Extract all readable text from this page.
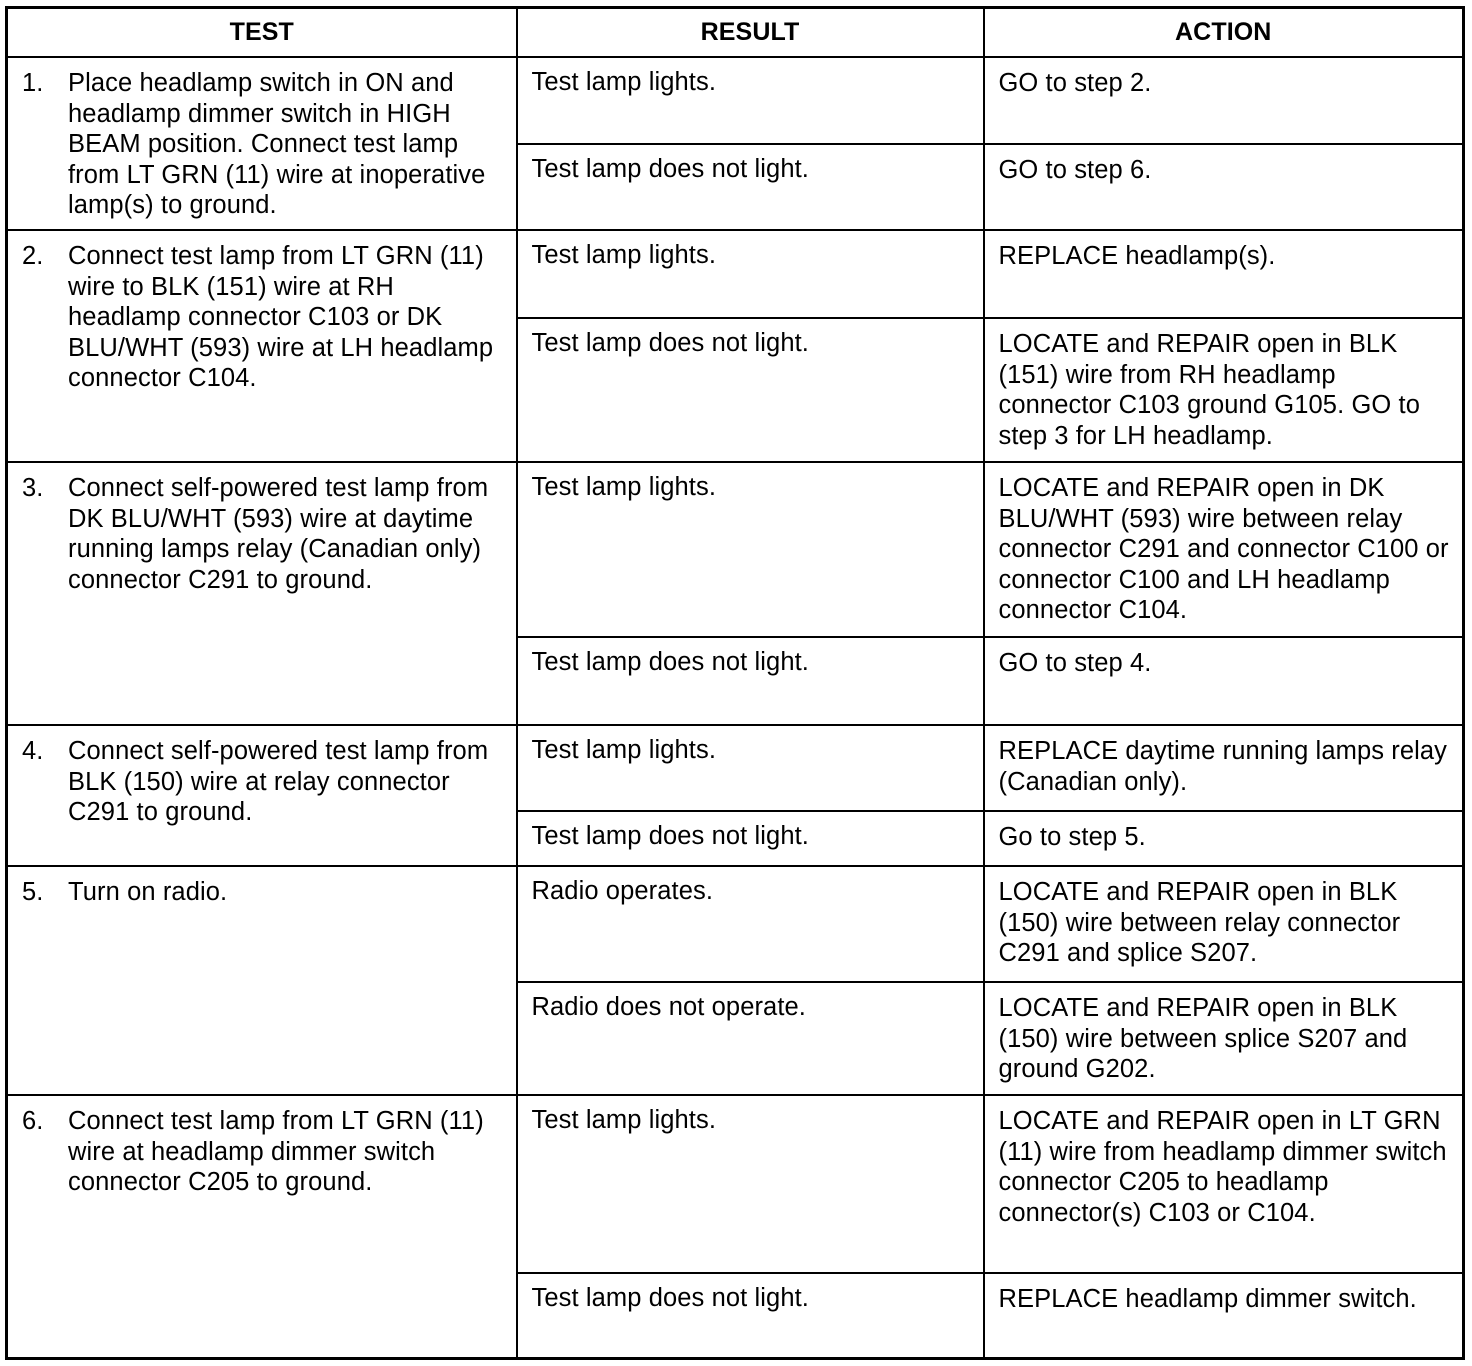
TEST	RESULT	ACTION

1. Place headlamp switch in ON and headlamp dimmer switch in HIGH BEAM position. Connect test lamp from LT GRN (11) wire at inoperative lamp(s) to ground.	Test lamp lights.	GO to step 2.
	Test lamp does not light.	GO to step 6.

2. Connect test lamp from LT GRN (11) wire to BLK (151) wire at RH headlamp connector C103 or DK BLU/WHT (593) wire at LH headlamp connector C104.	Test lamp lights.	REPLACE headlamp(s).
	Test lamp does not light.	LOCATE and REPAIR open in BLK (151) wire from RH headlamp connector C103 ground G105. GO to step 3 for LH headlamp.

3. Connect self-powered test lamp from DK BLU/WHT (593) wire at daytime running lamps relay (Canadian only) connector C291 to ground.	Test lamp lights.	LOCATE and REPAIR open in DK BLU/WHT (593) wire between relay connector C291 and connector C100 or connector C100 and LH headlamp connector C104.
	Test lamp does not light.	GO to step 4.

4. Connect self-powered test lamp from BLK (150) wire at relay connector C291 to ground.	Test lamp lights.	REPLACE daytime running lamps relay (Canadian only).
	Test lamp does not light.	Go to step 5.

5. Turn on radio.	Radio operates.	LOCATE and REPAIR open in BLK (150) wire between relay connector C291 and splice S207.
	Radio does not operate.	LOCATE and REPAIR open in BLK (150) wire between splice S207 and ground G202.

6. Connect test lamp from LT GRN (11) wire at headlamp dimmer switch connector C205 to ground.	Test lamp lights.	LOCATE and REPAIR open in LT GRN (11) wire from headlamp dimmer switch connector C205 to headlamp connector(s) C103 or C104.
	Test lamp does not light.	REPLACE headlamp dimmer switch.
